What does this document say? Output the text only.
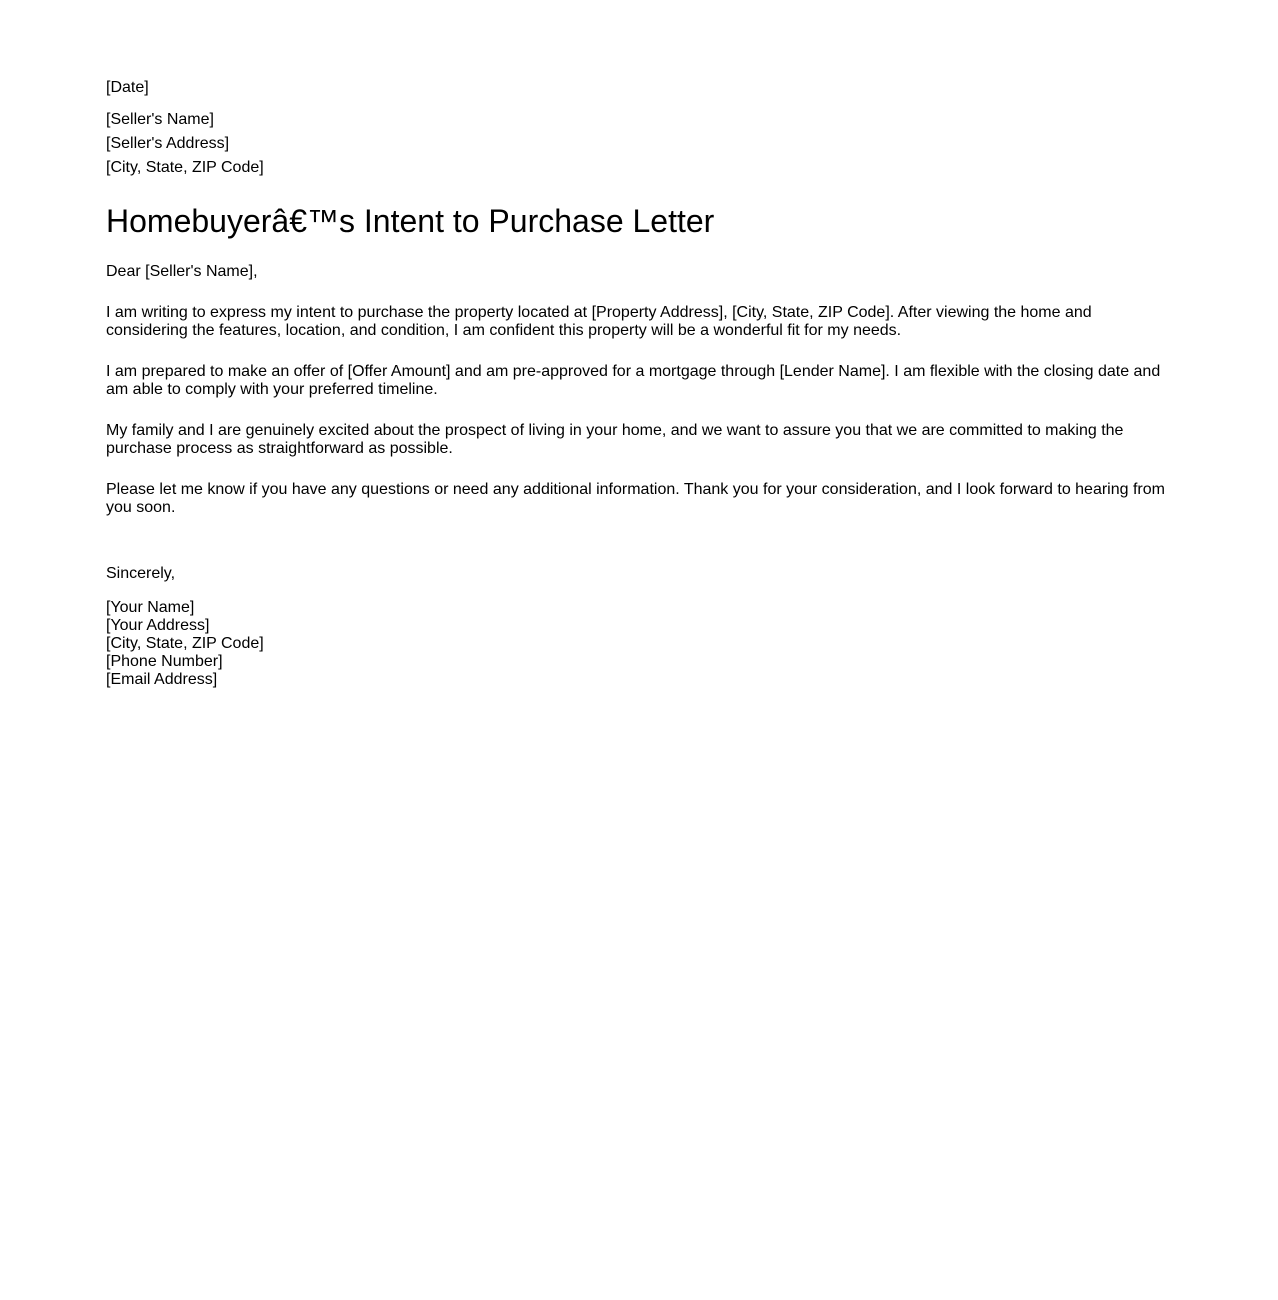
[Date]

[Seller's Name]

[Seller's Address]

[City, State, ZIP Code]

Homebuyerâ€™s Intent to Purchase Letter

Dear [Seller's Name],

I am writing to express my intent to purchase the property located at [Property Address], [City, State, ZIP Code]. After viewing the home and considering the features, location, and condition, I am confident this property will be a wonderful fit for my needs.

I am prepared to make an offer of [Offer Amount] and am pre-approved for a mortgage through [Lender Name]. I am flexible with the closing date and am able to comply with your preferred timeline.

My family and I are genuinely excited about the prospect of living in your home, and we want to assure you that we are committed to making the purchase process as straightforward as possible.

Please let me know if you have any questions or need any additional information. Thank you for your consideration, and I look forward to hearing from you soon.

Sincerely,

[Your Name]

[Your Address]

[City, State, ZIP Code]

[Phone Number]

[Email Address]
